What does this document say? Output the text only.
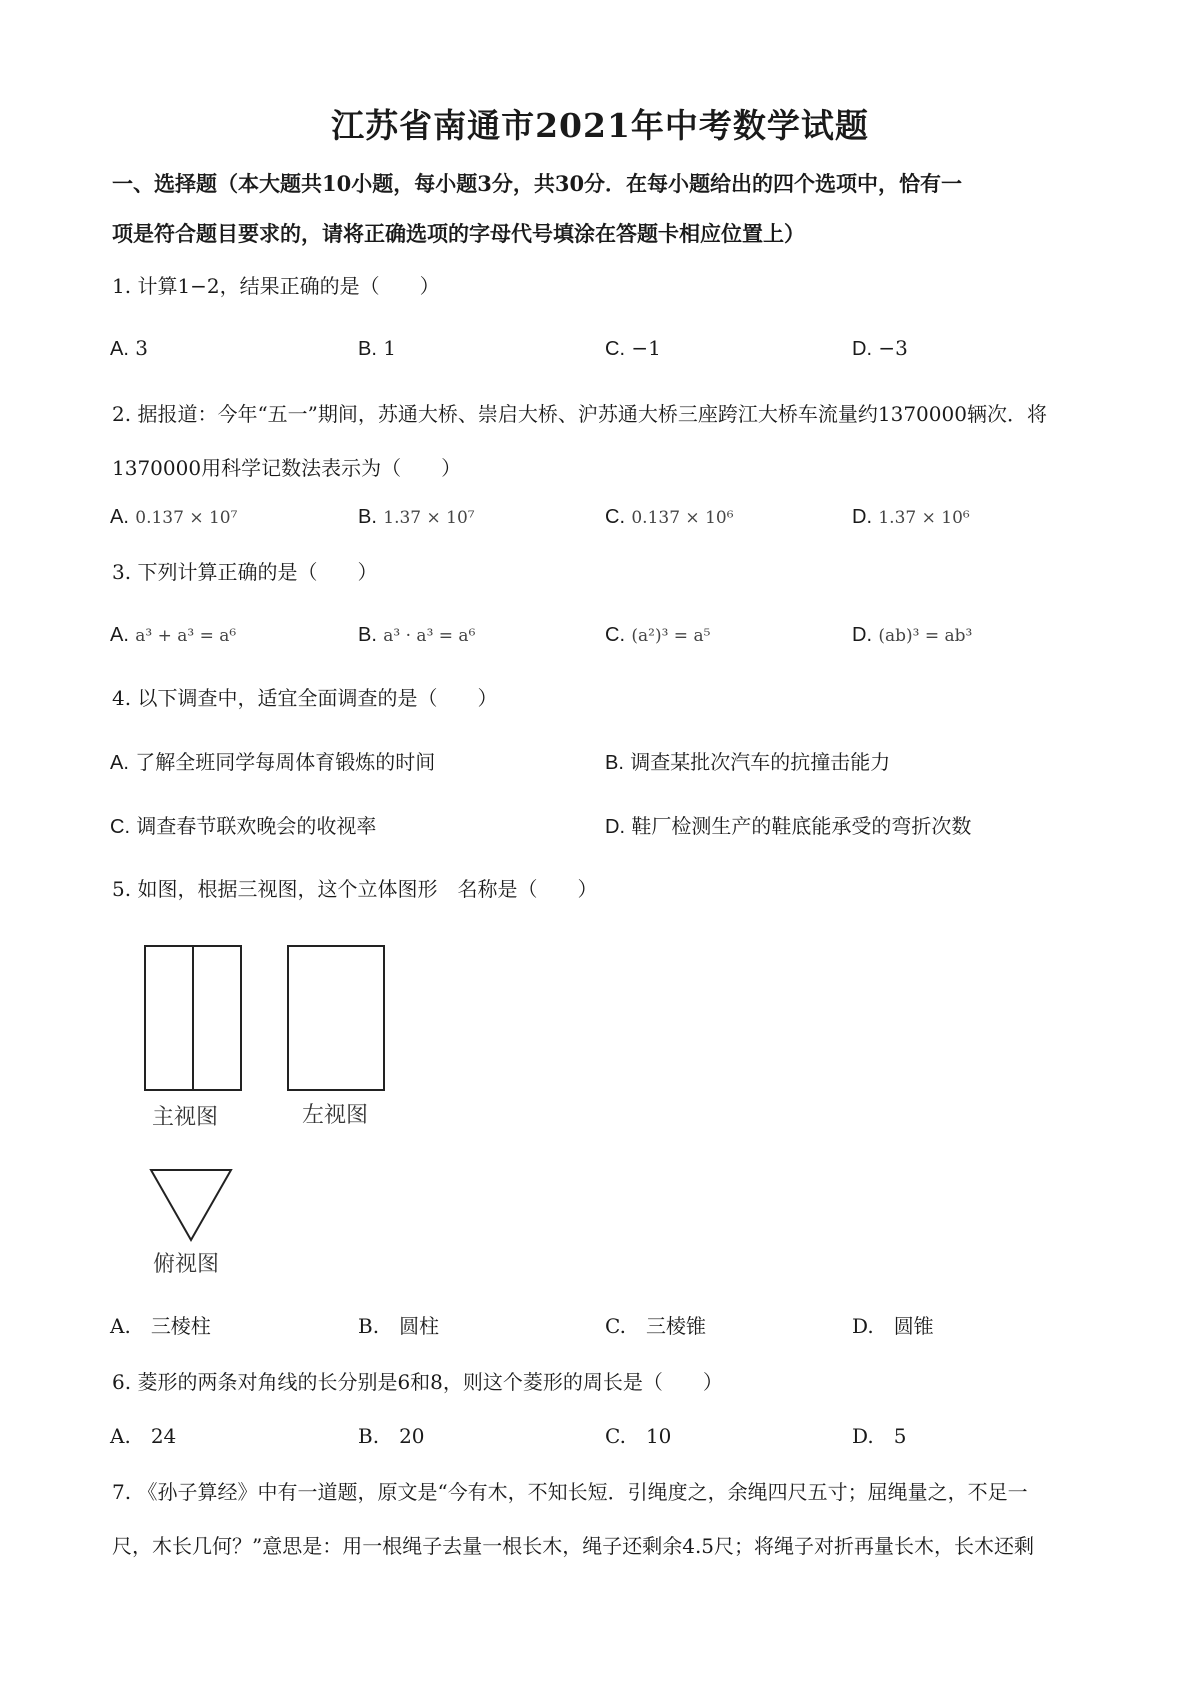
江苏省南通市2021年中考数学试题
一、选择题（本大题共10小题，每小题3分，共30分．在每小题给出的四个选项中，恰有一
项是符合题目要求的，请将正确选项的字母代号填涂在答题卡相应位置上）
1. 计算1−2，结果正确的是（　　）
A. 3	B. 1	C. −1	D. −3
2. 据报道：今年“五一”期间，苏通大桥、崇启大桥、沪苏通大桥三座跨江大桥车流量约1370000辆次．将
1370000用科学记数法表示为（　　）
A. 0.137 × 10⁷	B. 1.37 × 10⁷	C. 0.137 × 10⁶	D. 1.37 × 10⁶
3. 下列计算正确的是（　　）
A. a³ + a³ = a⁶	B. a³ · a³ = a⁶	C. (a²)³ = a⁵	D. (ab)³ = ab³
4. 以下调查中，适宜全面调查的是（　　）
A. 了解全班同学每周体育锻炼的时间	B. 调查某批次汽车的抗撞击能力
C. 调查春节联欢晚会的收视率	D. 鞋厂检测生产的鞋底能承受的弯折次数
5. 如图，根据三视图，这个立体图形　名称是（　　）
主视图	左视图
俯视图
A.　 三棱柱	B.　 圆柱	C.　 三棱锥	D.　 圆锥
6. 菱形的两条对角线的长分别是6和8，则这个菱形的周长是（　　）
A.　 24	B.　 20	C.　 10	D.　 5
7. 《孙子算经》中有一道题，原文是“今有木，不知长短．引绳度之，余绳四尺五寸；屈绳量之，不足一
尺，木长几何？”意思是：用一根绳子去量一根长木，绳子还剩余4.5尺；将绳子对折再量长木，长木还剩
